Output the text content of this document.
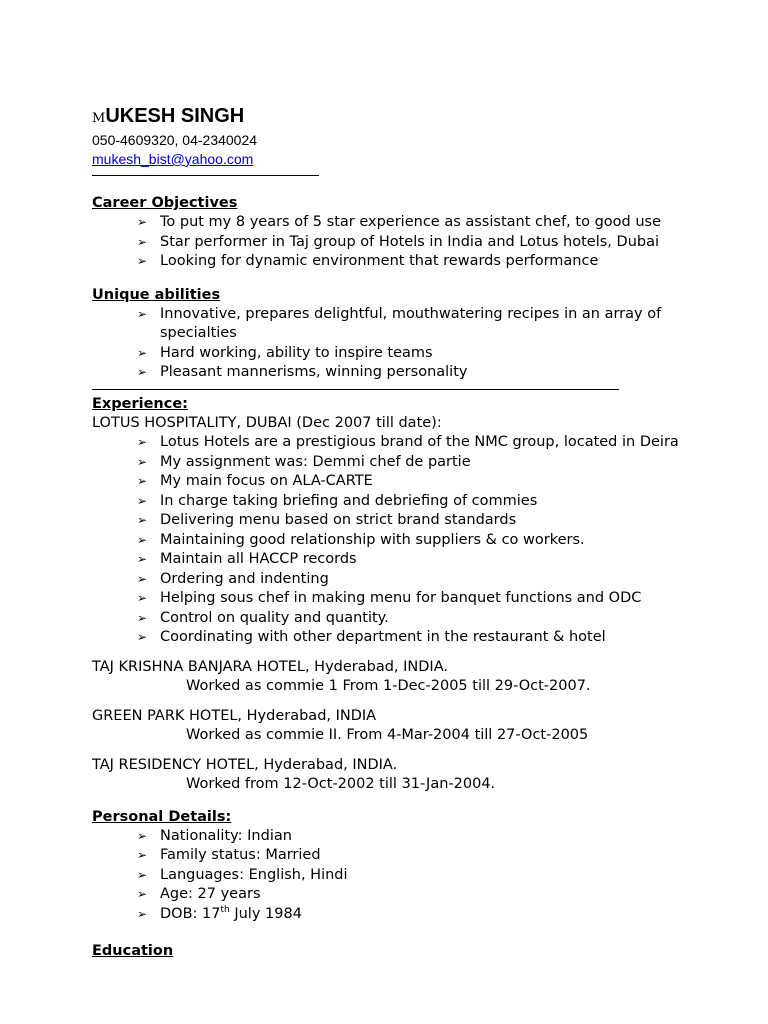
MUKESH SINGH
050-4609320, 04-2340024
mukesh_bist@yahoo.com
Career Objectives
➢ To put my 8 years of 5 star experience as assistant chef, to good use
➢ Star performer in Taj group of Hotels in India and Lotus hotels, Dubai
➢ Looking for dynamic environment that rewards performance
Unique abilities
➢ Innovative, prepares delightful, mouthwatering recipes in an array of specialties
➢ Hard working, ability to inspire teams
➢ Pleasant mannerisms, winning personality
Experience:
LOTUS HOSPITALITY, DUBAI (Dec 2007 till date):
➢ Lotus Hotels are a prestigious brand of the NMC group, located in Deira
➢ My assignment was: Demmi chef de partie
➢ My main focus on ALA-CARTE
➢ In charge taking briefing and debriefing of commies
➢ Delivering menu based on strict brand standards
➢ Maintaining good relationship with suppliers & co workers.
➢ Maintain all HACCP records
➢ Ordering and indenting
➢ Helping sous chef in making menu for banquet functions and ODC
➢ Control on quality and quantity.
➢ Coordinating with other department in the restaurant & hotel
TAJ KRISHNA BANJARA HOTEL, Hyderabad, INDIA.
Worked as commie 1 From 1-Dec-2005 till 29-Oct-2007.
GREEN PARK HOTEL, Hyderabad, INDIA
Worked as commie II. From 4-Mar-2004 till 27-Oct-2005
TAJ RESIDENCY HOTEL, Hyderabad, INDIA.
Worked from 12-Oct-2002 till 31-Jan-2004.
Personal Details:
➢ Nationality: Indian
➢ Family status: Married
➢ Languages: English, Hindi
➢ Age: 27 years
➢ DOB: 17th July 1984
Education
